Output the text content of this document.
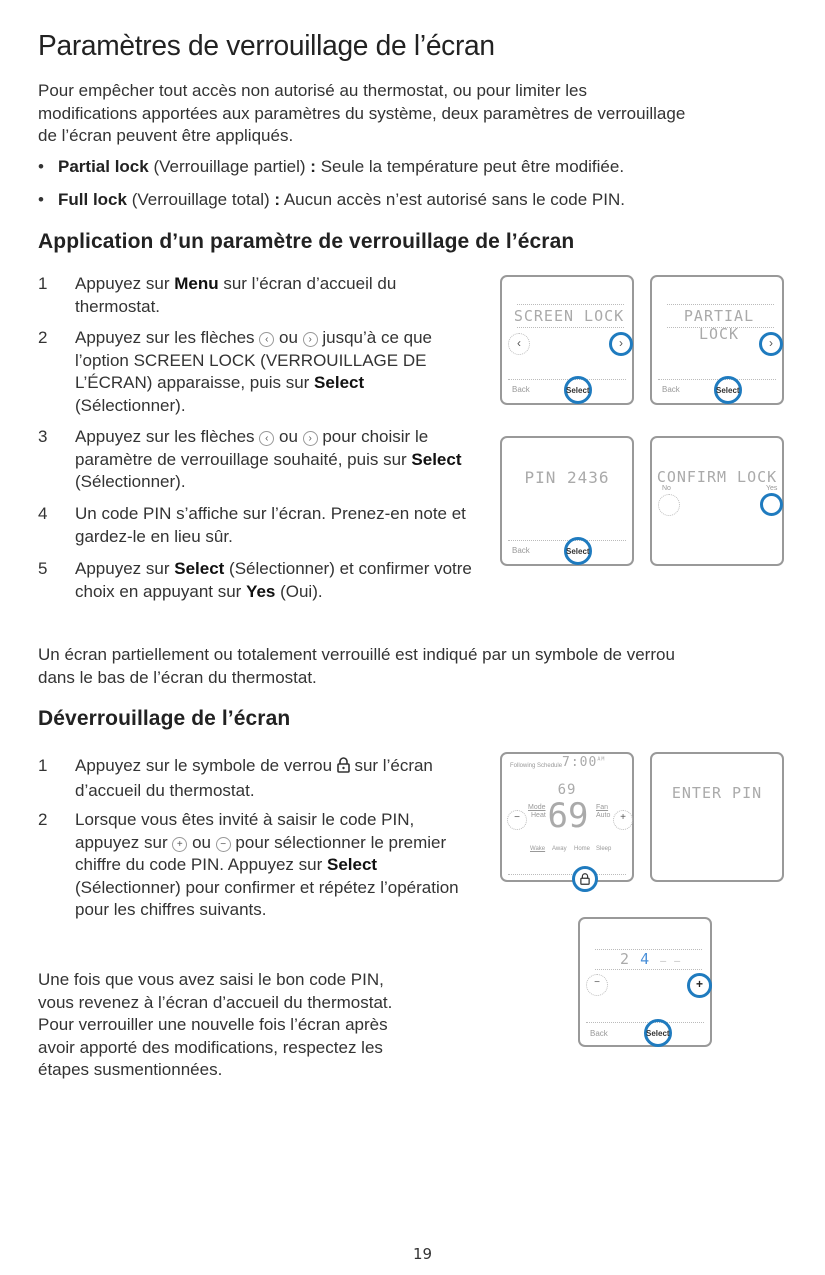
Paramètres de verrouillage de l’écran
Pour empêcher tout accès non autorisé au thermostat, ou pour limiter les
modifications apportées aux paramètres du système, deux paramètres de verrouillage
de l’écran peuvent être appliqués.
• Partial lock (Verrouillage partiel) : Seule la température peut être modifiée.
• Full lock (Verrouillage total) : Aucun accès n’est autorisé sans le code PIN.
Application d’un paramètre de verrouillage de l’écran
1	Appuyez sur Menu sur l’écran d’accueil du thermostat.
2	Appuyez sur les flèches ‹ ou › jusqu’à ce que l’option SCREEN LOCK (VERROUILLAGE DE L’ÉCRAN) apparaisse, puis sur Select (Sélectionner).
3	Appuyez sur les flèches ‹ ou › pour choisir le paramètre de verrouillage souhaité, puis sur Select (Sélectionner).
4	Un code PIN s’affiche sur l’écran. Prenez-en note et gardez-le en lieu sûr.
5	Appuyez sur Select (Sélectionner) et confirmer votre choix en appuyant sur Yes (Oui).
SCREEN LOCK
‹	›
Back	Select
PARTIAL LOCK	›
Back	Select
PIN 2436
Back	Select
CONFIRM LOCK
No	Yes
Un écran partiellement ou totalement verrouillé est indiqué par un symbole de verrou
dans le bas de l’écran du thermostat.
Déverrouillage de l’écran
1	Appuyez sur le symbole de verrou  sur l’écran d’accueil du thermostat.
2	Lorsque vous êtes invité à saisir le code PIN, appuyez sur + ou − pour sélectionner le premier chiffre du code PIN. Appuyez sur Select (Sélectionner) pour confirmer et répétez l’opération pour les chiffres suivants.
Following Schedule $7:00^{AM}$
69
Mode
Heat 69 Fan
Auto
−	+
Wake Away Home Sleep
ENTER PIN
Une fois que vous avez saisi le bon code PIN,
vous revenez à l’écran d’accueil du thermostat.
Pour verrouiller une nouvelle fois l’écran après
avoir apporté des modifications, respectez les
étapes susmentionnées.
2 4 – –
−	+
Back	Select
19
